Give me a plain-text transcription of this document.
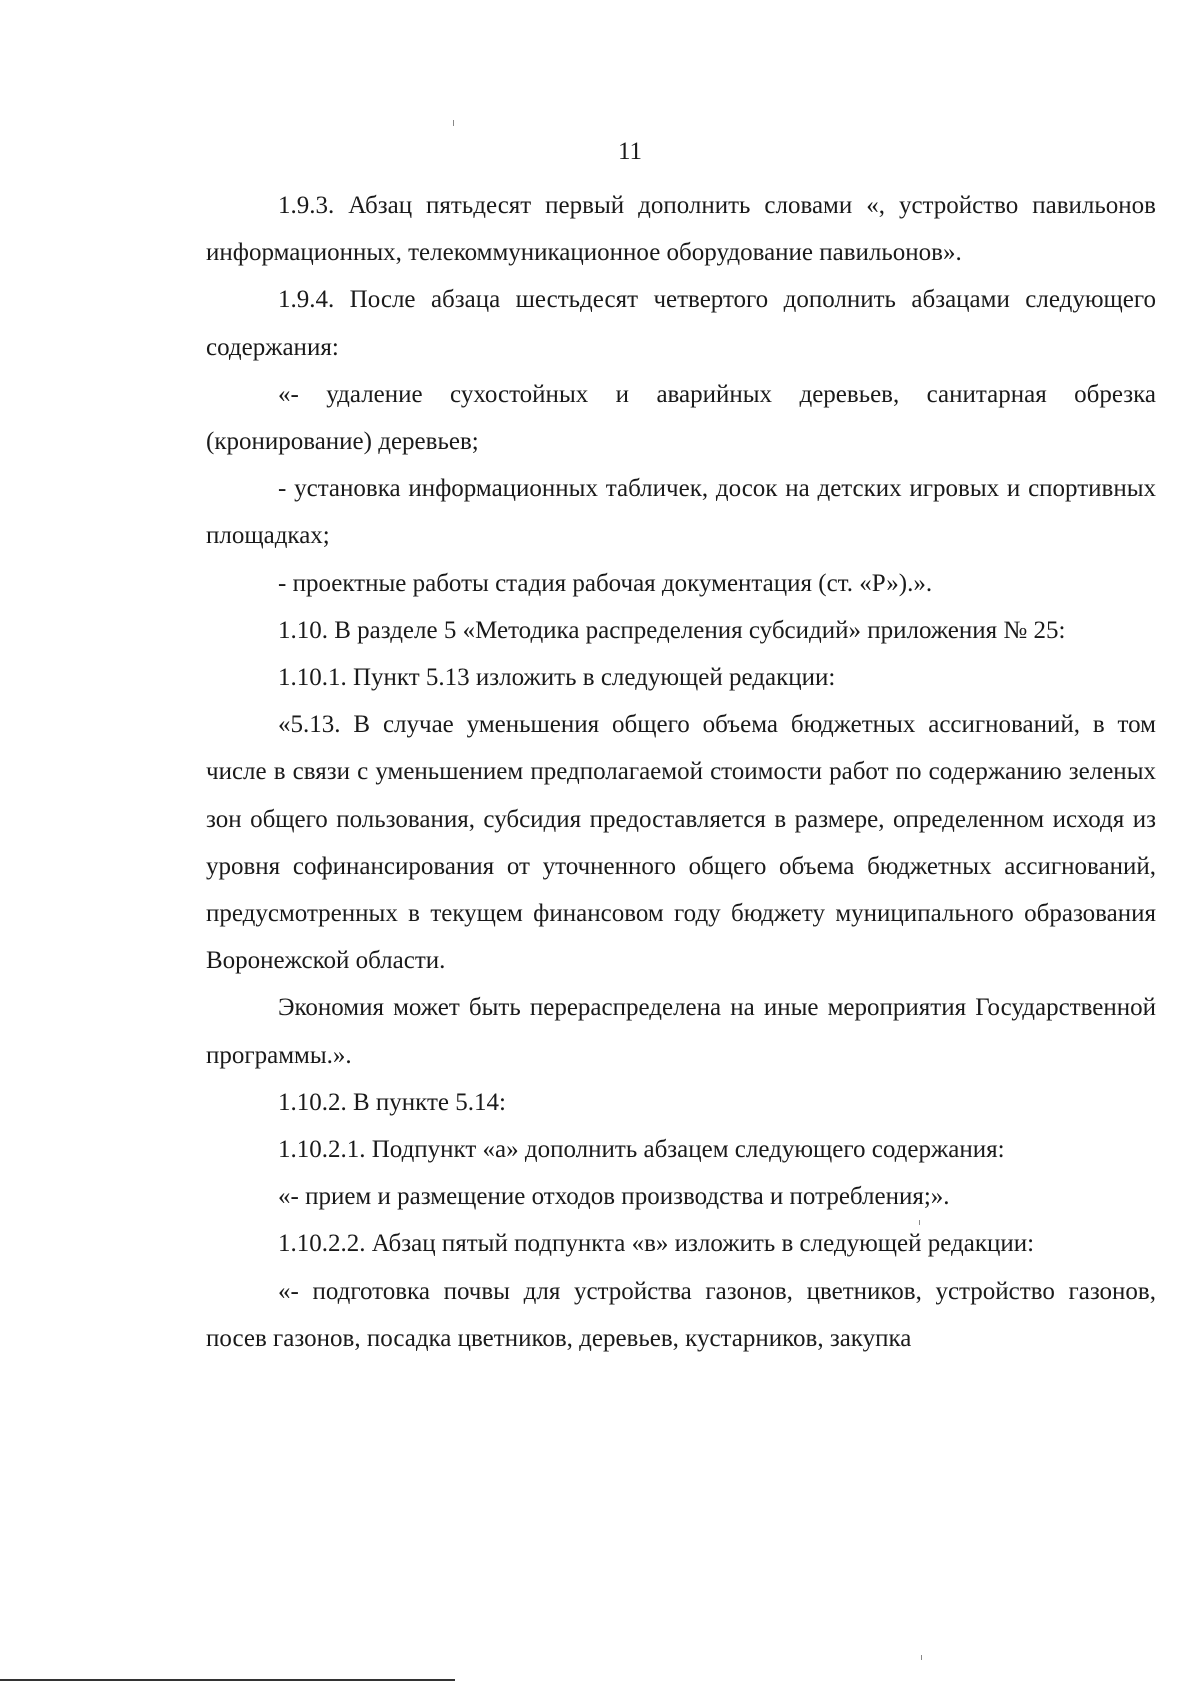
11

1.9.3. Абзац пятьдесят первый дополнить словами «, устройство павильонов информационных, телекоммуникационное оборудование павильонов».

1.9.4. После абзаца шестьдесят четвертого дополнить абзацами следующего содержания:

«- удаление сухостойных и аварийных деревьев, санитарная обрезка (кронирование) деревьев;

- установка информационных табличек, досок на детских игровых и спортивных площадках;

- проектные работы стадия рабочая документация (ст. «Р»).».

1.10. В разделе 5 «Методика распределения субсидий» приложения № 25:

1.10.1. Пункт 5.13 изложить в следующей редакции:

«5.13. В случае уменьшения общего объема бюджетных ассигнований, в том числе в связи с уменьшением предполагаемой стоимости работ по содержанию зеленых зон общего пользования, субсидия предоставляется в размере, определенном исходя из уровня софинансирования от уточненного общего объема бюджетных ассигнований, предусмотренных в текущем финансовом году бюджету муниципального образования Воронежской области.

Экономия может быть перераспределена на иные мероприятия Государственной программы.».

1.10.2. В пункте 5.14:

1.10.2.1. Подпункт «а» дополнить абзацем следующего содержания:

«- прием и размещение отходов производства и потребления;».

1.10.2.2. Абзац пятый подпункта «в» изложить в следующей редакции:

«- подготовка почвы для устройства газонов, цветников, устройство газонов, посев газонов, посадка цветников, деревьев, кустарников, закупка
